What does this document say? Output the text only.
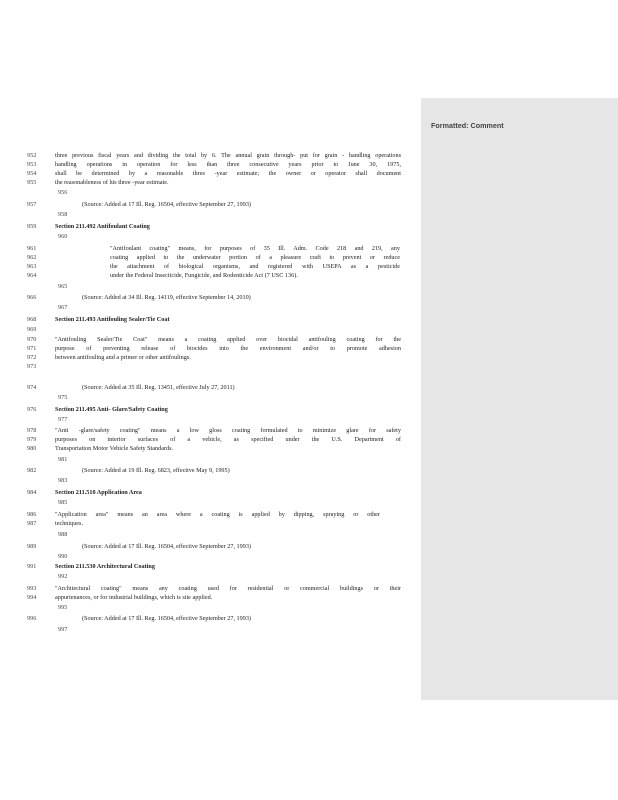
Formatted: Comment
952	three previous fiscal years and dividing the total by 6. The annual grain through- put for grain - handling operations
953	handling operations in operation for less than three consecutive years prior to June 30, 1975,
954	shall be determined by a reasonable three -year estimate; the owner or operator shall document
955	the reasonableness of his three -year estimate.
956
957	(Source: Added at 17 Ill. Reg. 16504, effective September 27, 1993)
958
959	Section 211.492 Antifoulant Coating
960
961	"Antifoulant coating" means, for purposes of 35 Ill. Adm. Code 218 and 219, any
962	coating applied to the underwater portion of a pleasure craft to prevent or reduce
963	the attachment of biological organisms, and registered with USEPA as a pesticide
964	under the Federal Insecticide, Fungicide, and Rodenticide Act (7 USC 136).
965
966	(Source: Added at 34 Ill. Reg. 14119, effective September 14, 2010)
967
968	Section 211.493 Antifouling Sealer/Tie Coat
969
970	"Antifouling Sealer/Tie Coat" means a coating applied over biocidal antifouling coating for the
971	purpose of preventing release of biocides into the environment and/or to promote adhesion
972	between antifouling and a primer or other antifoulings.
973
974	(Source: Added at 35 Ill. Reg. 13451, effective July 27, 2011)
975
976	Section 211.495 Anti- Glare/Safety Coating
977
978	"Anti -glare/safety coating" means a low gloss coating formulated to minimize glare for safety
979	purposes on interior surfaces of a vehicle, as specified under the U.S. Department of
980	Transportation Motor Vehicle Safety Standards.
981
982	(Source: Added at 19 Ill. Reg. 6823, effective May 9, 1995)
983
984	Section 211.510 Application Area
985
986	"Application area" means an area where a coating is applied by dipping, spraying or other
987	techniques.
988
989	(Source: Added at 17 Ill. Reg. 16504, effective September 27, 1993)
990
991	Section 211.530 Architectural Coating
992
993	"Architectural coating" means any coating used for residential or commercial buildings or their
994	appurtenances, or for industrial buildings, which is site applied.
995
996	(Source: Added at 17 Ill. Reg. 16504, effective September 27, 1993)
997
